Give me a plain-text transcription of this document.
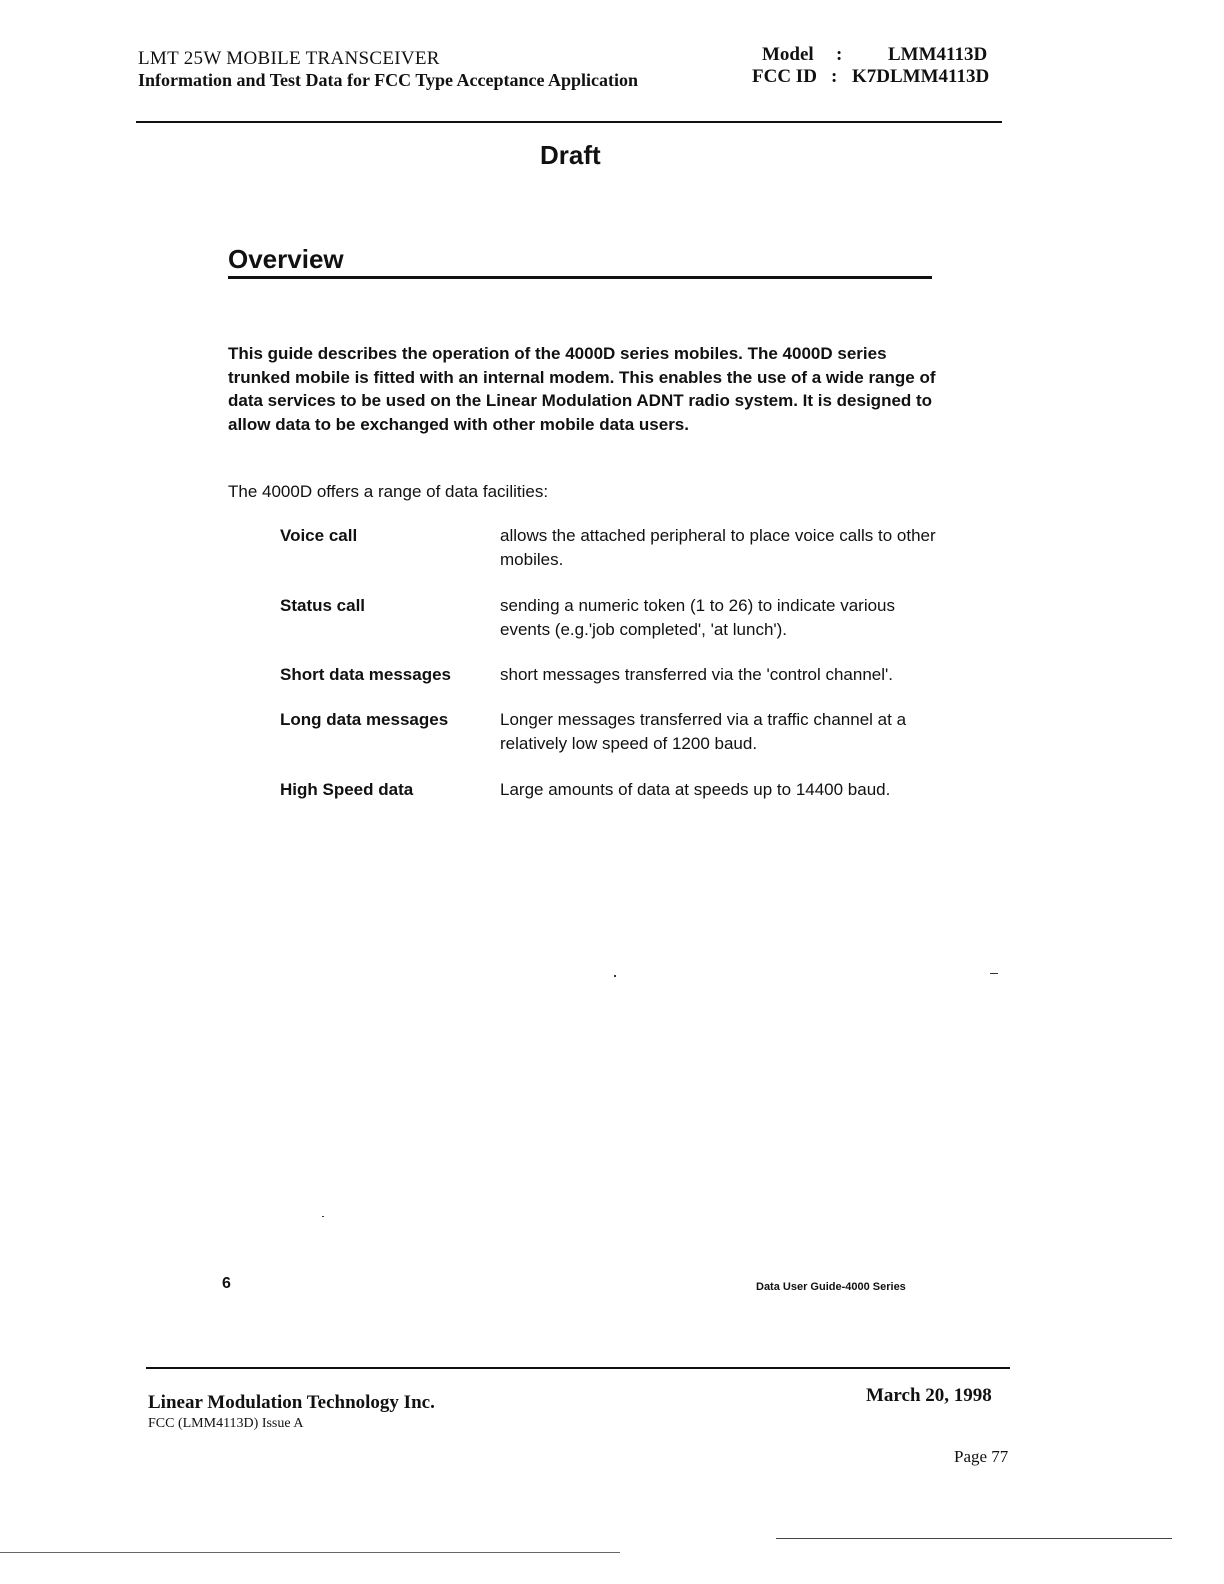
LMT 25W MOBILE TRANSCEIVER
Information and Test Data for FCC Type Acceptance Application
Model : LMM4113D
FCC ID : K7DLMM4113D
Draft
Overview
This guide describes the operation of the 4000D series mobiles. The 4000D series trunked mobile is fitted with an internal modem. This enables the use of a wide range of data services to be used on the Linear Modulation ADNT radio system. It is designed to allow data to be exchanged with other mobile data users.
The 4000D offers a range of data facilities:
Voice call	allows the attached peripheral to place voice calls to other mobiles.
Status call	sending a numeric token (1 to 26) to indicate various events (e.g.'job completed', 'at lunch').
Short data messages	short messages transferred via the 'control channel'.
Long data messages	Longer messages transferred via a traffic channel at a relatively low speed of 1200 baud.
High Speed data	Large amounts of data at speeds up to 14400 baud.
6	Data User Guide-4000 Series
Linear Modulation Technology Inc.
FCC (LMM4113D) Issue A
March 20, 1998
Page 77
